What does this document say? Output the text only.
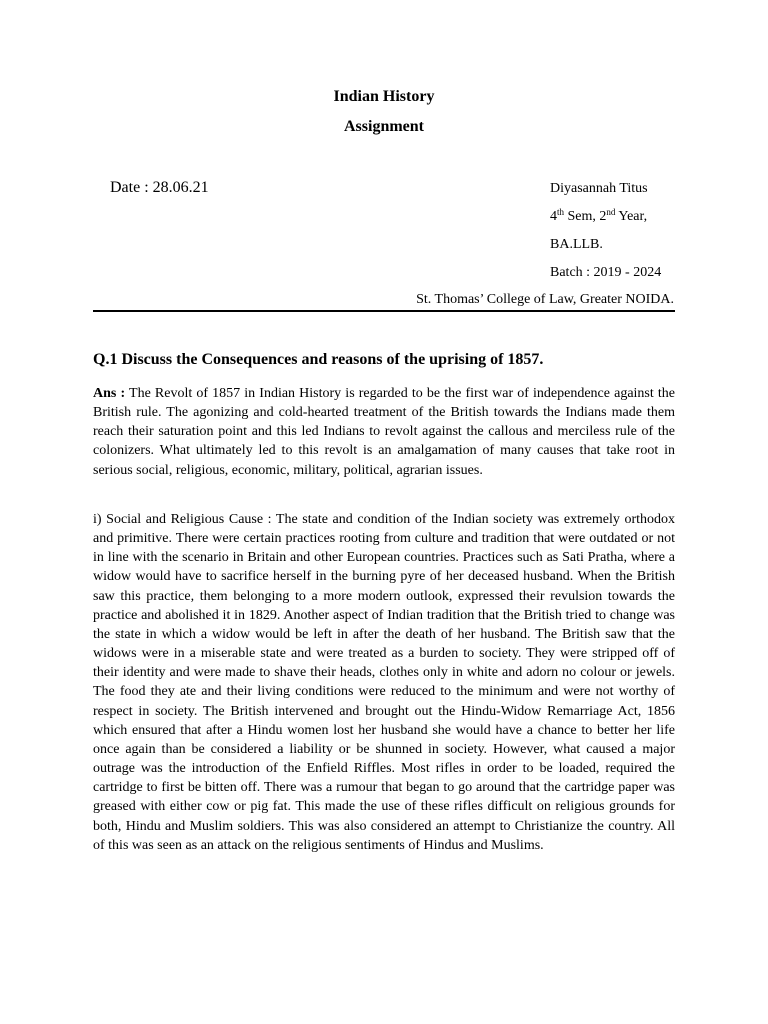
Indian History
Assignment
Date : 28.06.21	Diyasannah Titus
4th Sem, 2nd Year,
BA.LLB.
Batch : 2019 - 2024
St. Thomas’ College of Law, Greater NOIDA.
Q.1 Discuss the Consequences and reasons of the uprising of 1857.
Ans : The Revolt of 1857 in Indian History is regarded to be the first war of independence against the British rule. The agonizing and cold-hearted treatment of the British towards the Indians made them reach their saturation point and this led Indians to revolt against the callous and merciless rule of the colonizers. What ultimately led to this revolt is an amalgamation of many causes that take root in serious social, religious, economic, military, political, agrarian issues.
i) Social and Religious Cause : The state and condition of the Indian society was extremely orthodox and primitive. There were certain practices rooting from culture and tradition that were outdated or not in line with the scenario in Britain and other European countries. Practices such as Sati Pratha, where a widow would have to sacrifice herself in the burning pyre of her deceased husband. When the British saw this practice, them belonging to a more modern outlook, expressed their revulsion towards the practice and abolished it in 1829. Another aspect of Indian tradition that the British tried to change was the state in which a widow would be left in after the death of her husband. The British saw that the widows were in a miserable state and were treated as a burden to society. They were stripped off of their identity and were made to shave their heads, clothes only in white and adorn no colour or jewels. The food they ate and their living conditions were reduced to the minimum and were not worthy of respect in society. The British intervened and brought out the Hindu-Widow Remarriage Act, 1856 which ensured that after a Hindu women lost her husband she would have a chance to better her life once again than be considered a liability or be shunned in society. However, what caused a major outrage was the introduction of the Enfield Riffles. Most rifles in order to be loaded, required the cartridge to first be bitten off. There was a rumour that began to go around that the cartridge paper was greased with either cow or pig fat. This made the use of these rifles difficult on religious grounds for both, Hindu and Muslim soldiers. This was also considered an attempt to Christianize the country. All of this was seen as an attack on the religious sentiments of Hindus and Muslims.
